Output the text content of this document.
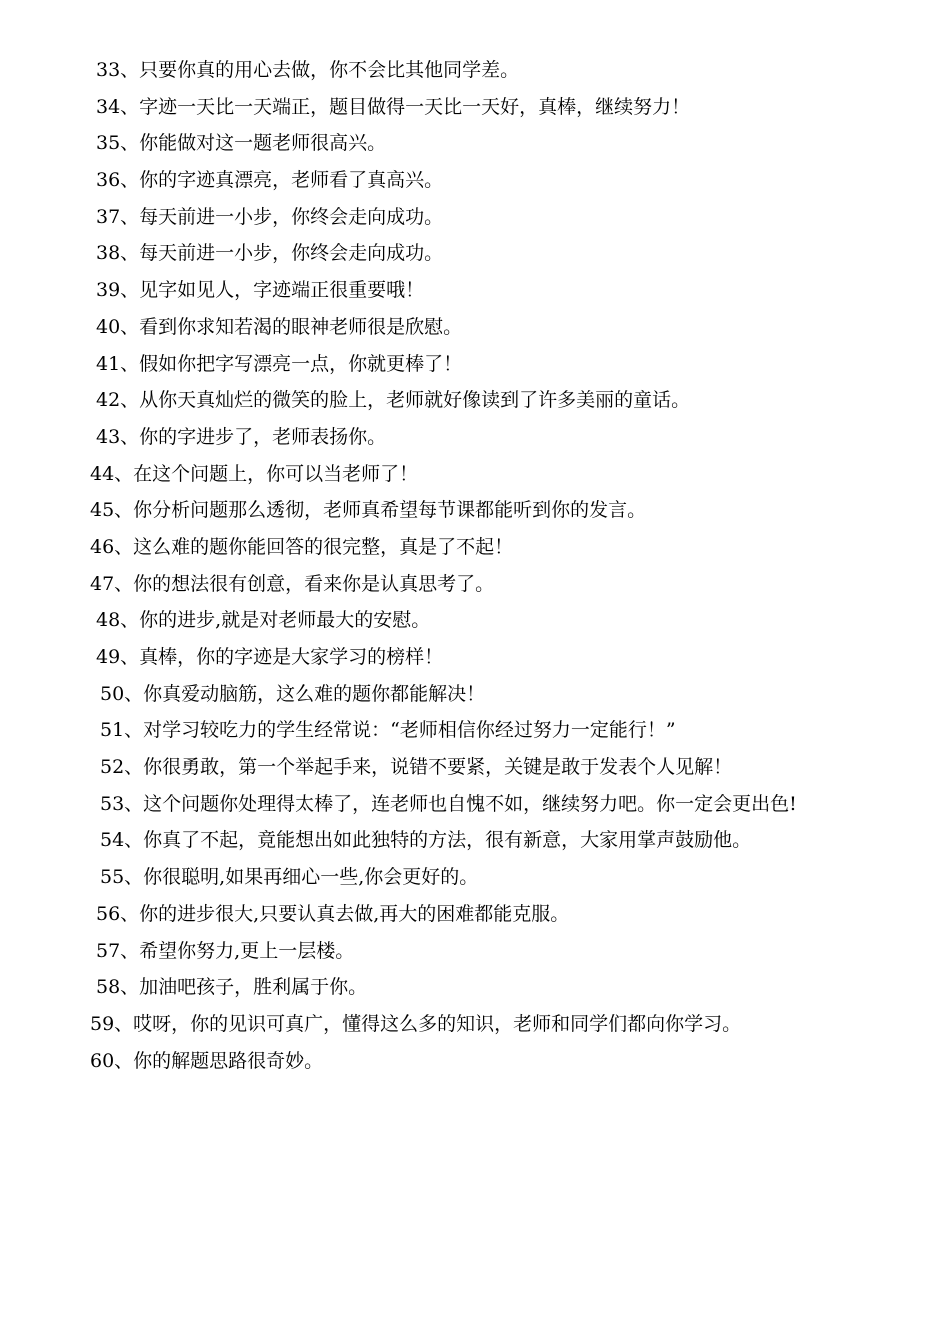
33、只要你真的用心去做，你不会比其他同学差。
34、字迹一天比一天端正，题目做得一天比一天好，真棒，继续努力！
35、你能做对这一题老师很高兴。
36、你的字迹真漂亮，老师看了真高兴。
37、每天前进一小步，你终会走向成功。
38、每天前进一小步，你终会走向成功。
39、见字如见人，字迹端正很重要哦！
40、看到你求知若渴的眼神老师很是欣慰。
41、假如你把字写漂亮一点，你就更棒了！
42、从你天真灿烂的微笑的脸上，老师就好像读到了许多美丽的童话。
43、你的字进步了，老师表扬你。
44、在这个问题上，你可以当老师了！
45、你分析问题那么透彻，老师真希望每节课都能听到你的发言。
46、这么难的题你能回答的很完整，真是了不起！
47、你的想法很有创意，看来你是认真思考了。
48、你的进步,就是对老师最大的安慰。
49、真棒，你的字迹是大家学习的榜样！
50、你真爱动脑筋，这么难的题你都能解决！
51、对学习较吃力的学生经常说：“老师相信你经过努力一定能行！”
52、你很勇敢，第一个举起手来，说错不要紧，关键是敢于发表个人见解！
53、这个问题你处理得太棒了，连老师也自愧不如，继续努力吧。你一定会更出色!
54、你真了不起，竟能想出如此独特的方法，很有新意，大家用掌声鼓励他。
55、你很聪明,如果再细心一些,你会更好的。
56、你的进步很大,只要认真去做,再大的困难都能克服。
57、希望你努力,更上一层楼。
58、加油吧孩子，胜利属于你。
59、哎呀，你的见识可真广，懂得这么多的知识，老师和同学们都向你学习。
60、你的解题思路很奇妙。
